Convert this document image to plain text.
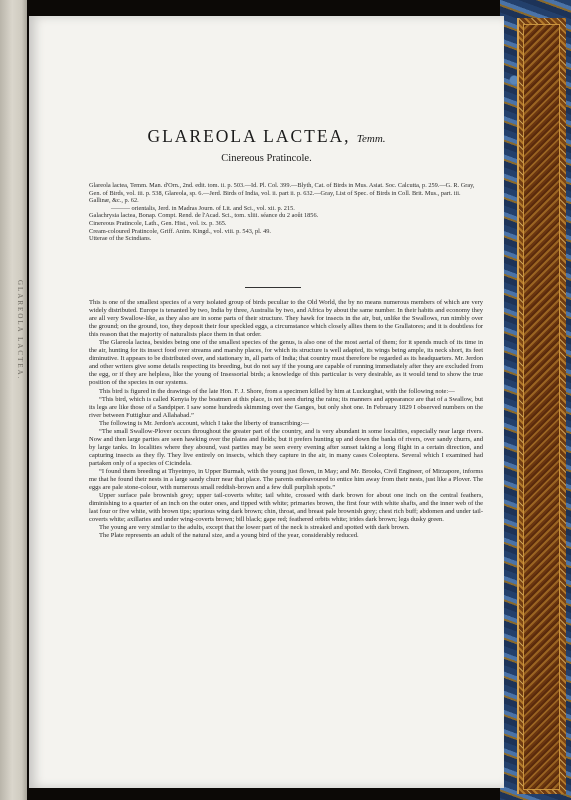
GLAREOLA LACTEA.
GLAREOLA LACTEA, Temm.
Cinereous Pratincole.

Glareola lactea, Temm. Man. d'Orn., 2nd. edit. tom. ii. p. 503.—Id. Pl. Col. 399.—Blyth, Cat. of Birds in Mus. Asiat. Soc. Calcutta, p. 259.—G. R. Gray, Gen. of Birds, vol. iii. p. 538, Glareola, sp. 6.—Jerd. Birds of India, vol. ii. part ii. p. 632.—Gray, List of Spec. of Birds in Coll. Brit. Mus., part. iii. Gallinæ, &c., p. 62.

——— orientalis, Jerd. in Madras Journ. of Lit. and Sci., vol. xii. p. 215.

Galachrysia lactea, Bonap. Compt. Rend. de l'Acad. Sci., tom. xliii. séance du 2 août 1856.

Cinereous Pratincole, Lath., Gen. Hist., vol. ix. p. 365.

Cream-coloured Pratincole, Griff. Anim. Kingd., vol. viii. p. 543, pl. 49.

Utterae of the Scindians.

This is one of the smallest species of a very isolated group of birds peculiar to the Old World, the by no means numerous members of which are very widely distributed. Europe is tenanted by two, India by three, Australia by two, and Africa by about the same number. In their habits and economy they are all very Swallow-like, as they also are in some parts of their structure. They hawk for insects in the air, but, unlike the Swallows, run nimbly over the ground; on the ground, too, they deposit their four speckled eggs, a circumstance which closely allies them to the Grallatores; and it is doubtless for this reason that the majority of naturalists place them in that order.

The Glareola lactea, besides being one of the smallest species of the genus, is also one of the most aerial of them; for it spends much of its time in the air, hunting for its insect food over streams and marshy places, for which its structure is well adapted, its wings being ample, its neck short, its feet diminutive. It appears to be distributed over, and stationary in, all parts of India; that country must therefore be regarded as its headquarters. Mr. Jerdon and other writers give some details respecting its breeding, but do not say if the young are capable of running immediately after they are excluded from the egg, or if they are helpless, like the young of Insessorial birds; a knowledge of this particular is very desirable, as it would tend to show the true position of the species in our systems.

This bird is figured in the drawings of the late Hon. F. J. Shore, from a specimen killed by him at Luckurghat, with the following note:—

“This bird, which is called Kenyia by the boatmen at this place, is not seen during the rains; its manners and appearance are that of a Swallow, but its legs are like those of a Sandpiper. I saw some hundreds skimming over the Ganges, but only shot one. In February 1829 I observed numbers on the river between Futtighur and Allahabad.”

The following is Mr. Jerdon's account, which I take the liberty of transcribing:—

“The small Swallow-Plover occurs throughout the greater part of the country, and is very abundant in some localities, especially near large rivers. Now and then large parties are seen hawking over the plains and fields; but it prefers hunting up and down the banks of rivers, over sandy churrs, and by large tanks. In localities where they abound, vast parties may be seen every evening after sunset taking a long flight in a certain direction, and capturing insects as they fly. They live entirely on insects, which they capture in the air, in many cases Coleoptera. Several which I examined had partaken only of a species of Cicindela.

“I found them breeding at Thyetmyo, in Upper Burmah, with the young just flown, in May; and Mr. Brooks, Civil Engineer, of Mirzapore, informs me that he found their nests in a large sandy churr near that place. The parents endeavoured to entice him away from their nests, just like a Plover. The eggs are pale stone-colour, with numerous small reddish-brown and a few dull purplish spots.”

Upper surface pale brownish grey; upper tail-coverts white; tail white, crossed with dark brown for about one inch on the central feathers, diminishing to a quarter of an inch on the outer ones, and tipped with white; primaries brown, the first four with white shafts, and the inner web of the last four or five white, with brown tips; spurious wing dark brown; chin, throat, and breast pale brownish grey; chest rich buff; abdomen and under tail-coverts white; axillaries and under wing-coverts brown; bill black; gape red; feathered orbits white; irides dark brown; legs dusky green.

The young are very similar to the adults, except that the lower part of the neck is streaked and spotted with dark brown.

The Plate represents an adult of the natural size, and a young bird of the year, considerably reduced.
